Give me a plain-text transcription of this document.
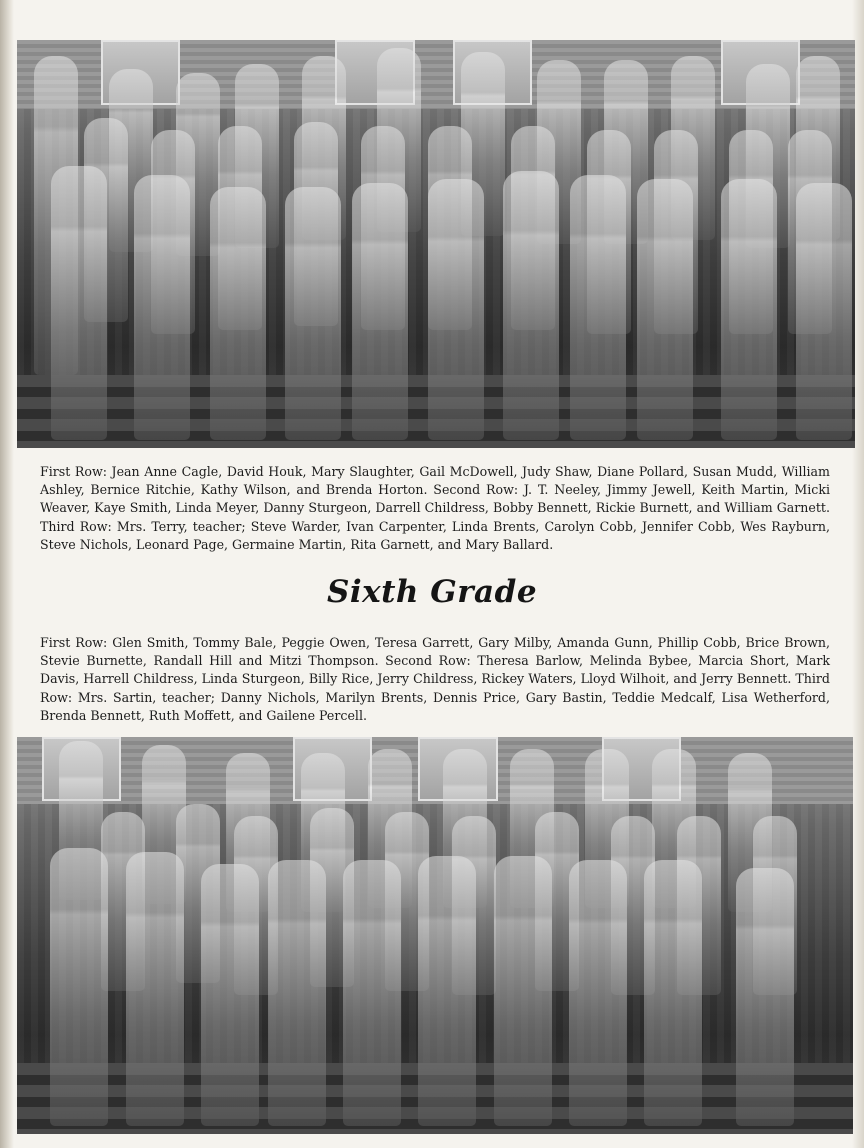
First Row: Jean Anne Cagle, David Houk, Mary Slaughter, Gail McDowell, Judy Shaw, Diane Pollard, Susan Mudd, William Ashley, Bernice Ritchie, Kathy Wilson, and Brenda Horton. Second Row: J. T. Neeley, Jimmy Jewell, Keith Martin, Micki Weaver, Kaye Smith, Linda Meyer, Danny Sturgeon, Darrell Childress, Bobby Bennett, Rickie Burnett, and William Garnett. Third Row: Mrs. Terry, teacher; Steve Warder, Ivan Carpenter, Linda Brents, Carolyn Cobb, Jennifer Cobb, Wes Rayburn, Steve Nichols, Leonard Page, Germaine Martin, Rita Garnett, and Mary Ballard.

Sixth Grade

First Row: Glen Smith, Tommy Bale, Peggie Owen, Teresa Garrett, Gary Milby, Amanda Gunn, Phillip Cobb, Brice Brown, Stevie Burnette, Randall Hill and Mitzi Thompson. Second Row: Theresa Barlow, Melinda Bybee, Marcia Short, Mark Davis, Harrell Childress, Linda Sturgeon, Billy Rice, Jerry Childress, Rickey Waters, Lloyd Wilhoit, and Jerry Bennett. Third Row: Mrs. Sartin, teacher; Danny Nichols, Marilyn Brents, Dennis Price, Gary Bastin, Teddie Medcalf, Lisa Wetherford, Brenda Bennett, Ruth Moffett, and Gailene Percell.
